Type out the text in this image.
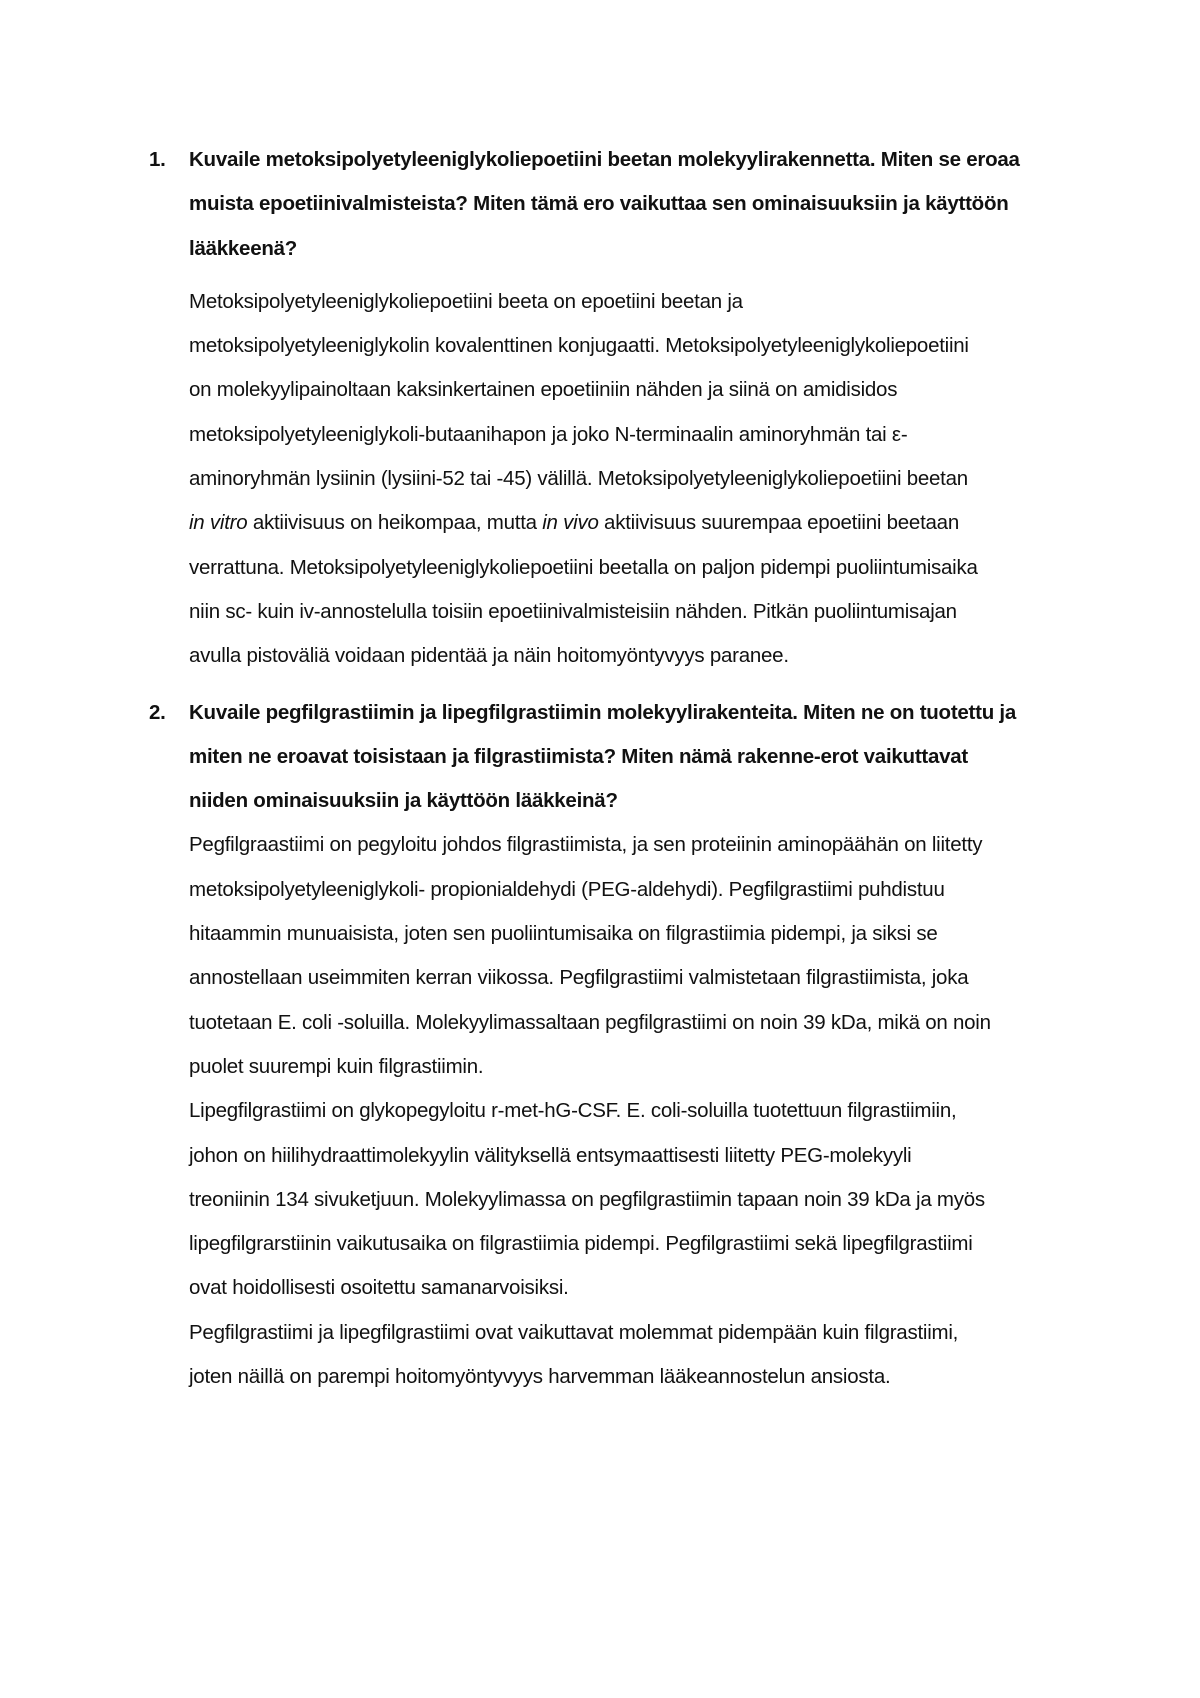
1. Kuvaile metoksipolyetyleeniglykoliepoetiini beetan molekyylirakennetta. Miten se eroaa
muista epoetiinivalmisteista? Miten tämä ero vaikuttaa sen ominaisuuksiin ja käyttöön
lääkkeenä?
Metoksipolyetyleeniglykoliepoetiini beeta on epoetiini beetan ja
metoksipolyetyleeniglykolin kovalenttinen konjugaatti. Metoksipolyetyleeniglykoliepoetiini
on molekyylipainoltaan kaksinkertainen epoetiiniin nähden ja siinä on amidisidos
metoksipolyetyleeniglykoli-butaanihapon ja joko N-terminaalin aminoryhmän tai ε-
aminoryhmän lysiinin (lysiini-52 tai -45) välillä. Metoksipolyetyleeniglykoliepoetiini beetan
in vitro aktiivisuus on heikompaa, mutta in vivo aktiivisuus suurempaa epoetiini beetaan
verrattuna. Metoksipolyetyleeniglykoliepoetiini beetalla on paljon pidempi puoliintumisaika
niin sc- kuin iv-annostelulla toisiin epoetiinivalmisteisiin nähden. Pitkän puoliintumisajan
avulla pistoväliä voidaan pidentää ja näin hoitomyöntyvyys paranee.
2. Kuvaile pegfilgrastiimin ja lipegfilgrastiimin molekyylirakenteita. Miten ne on tuotettu ja
miten ne eroavat toisistaan ja filgrastiimista? Miten nämä rakenne-erot vaikuttavat
niiden ominaisuuksiin ja käyttöön lääkkeinä?
Pegfilgraastiimi on pegyloitu johdos filgrastiimista, ja sen proteiinin aminopäähän on liitetty
metoksipolyetyleeniglykoli- propionialdehydi (PEG-aldehydi). Pegfilgrastiimi puhdistuu
hitaammin munuaisista, joten sen puoliintumisaika on filgrastiimia pidempi, ja siksi se
annostellaan useimmiten kerran viikossa. Pegfilgrastiimi valmistetaan filgrastiimista, joka
tuotetaan E. coli -soluilla. Molekyylimassaltaan pegfilgrastiimi on noin 39 kDa, mikä on noin
puolet suurempi kuin filgrastiimin.
Lipegfilgrastiimi on glykopegyloitu r-met-hG-CSF. E. coli-soluilla tuotettuun filgrastiimiin,
johon on hiilihydraattimolekyylin välityksellä entsymaattisesti liitetty PEG-molekyyli
treoniinin 134 sivuketjuun. Molekyylimassa on pegfilgrastiimin tapaan noin 39 kDa ja myös
lipegfilgrarstiinin vaikutusaika on filgrastiimia pidempi. Pegfilgrastiimi sekä lipegfilgrastiimi
ovat hoidollisesti osoitettu samanarvoisiksi.
Pegfilgrastiimi ja lipegfilgrastiimi ovat vaikuttavat molemmat pidempään kuin filgrastiimi,
joten näillä on parempi hoitomyöntyvyys harvemman lääkeannostelun ansiosta.
